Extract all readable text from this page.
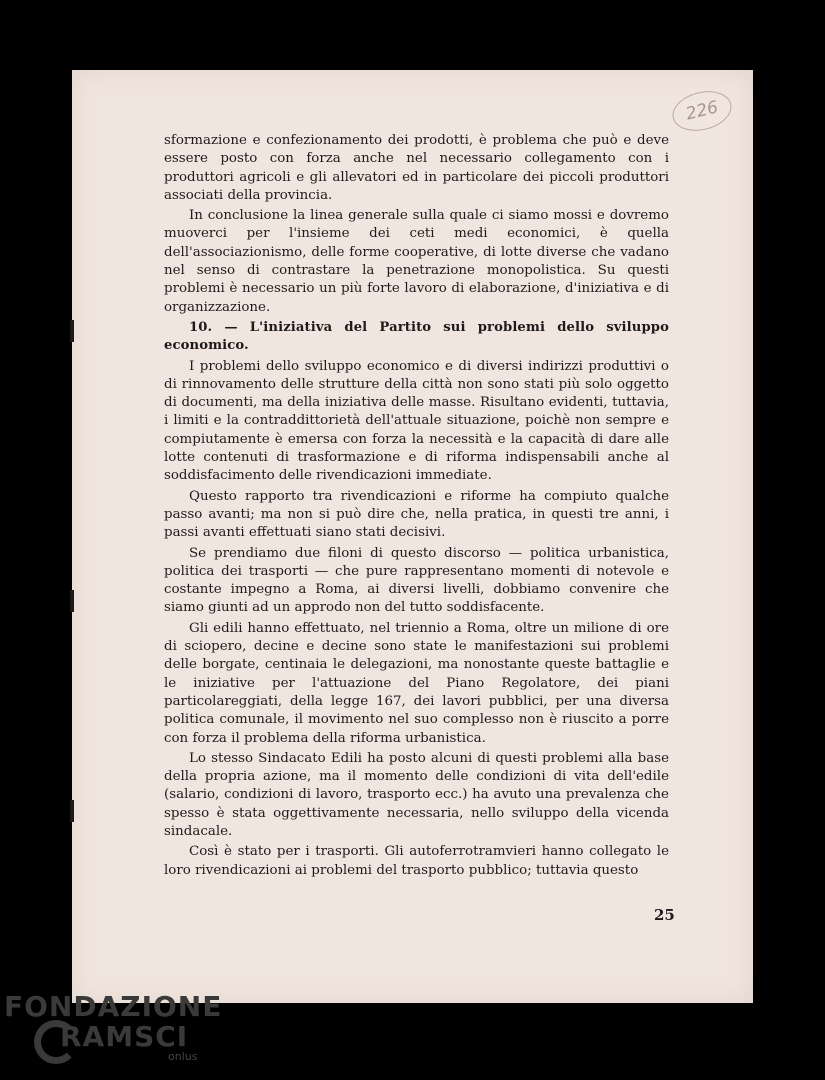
226

sformazione e confezionamento dei prodotti, è problema che può e deve essere posto con forza anche nel necessario collegamento con i produttori agricoli e gli allevatori ed in particolare dei piccoli produttori associati della provincia.

In conclusione la linea generale sulla quale ci siamo mossi e dovremo muoverci per l'insieme dei ceti medi economici, è quella dell'associazionismo, delle forme cooperative, di lotte diverse che vadano nel senso di contrastare la penetrazione monopolistica. Su questi problemi è necessario un più forte lavoro di elaborazione, d'iniziativa e di organizzazione.

10. — L'iniziativa del Partito sui problemi dello sviluppo economico.

I problemi dello sviluppo economico e di diversi indirizzi produttivi o di rinnovamento delle strutture della città non sono stati più solo oggetto di documenti, ma della iniziativa delle masse. Risultano evidenti, tuttavia, i limiti e la contraddittorietà dell'attuale situazione, poichè non sempre e compiutamente è emersa con forza la necessità e la capacità di dare alle lotte contenuti di trasformazione e di riforma indispensabili anche al soddisfacimento delle rivendicazioni immediate.

Questo rapporto tra rivendicazioni e riforme ha compiuto qualche passo avanti; ma non si può dire che, nella pratica, in questi tre anni, i passi avanti effettuati siano stati decisivi.

Se prendiamo due filoni di questo discorso — politica urbanistica, politica dei trasporti — che pure rappresentano momenti di notevole e costante impegno a Roma, ai diversi livelli, dobbiamo convenire che siamo giunti ad un approdo non del tutto soddisfacente.

Gli edili hanno effettuato, nel triennio a Roma, oltre un milione di ore di sciopero, decine e decine sono state le manifestazioni sui problemi delle borgate, centinaia le delegazioni, ma nonostante queste battaglie e le iniziative per l'attuazione del Piano Regolatore, dei piani particolareggiati, della legge 167, dei lavori pubblici, per una diversa politica comunale, il movimento nel suo complesso non è riuscito a porre con forza il problema della riforma urbanistica.

Lo stesso Sindacato Edili ha posto alcuni di questi problemi alla base della propria azione, ma il momento delle condizioni di vita dell'edile (salario, condizioni di lavoro, trasporto ecc.) ha avuto una prevalenza che spesso è stata oggettivamente necessaria, nello sviluppo della vicenda sindacale.

Così è stato per i trasporti. Gli autoferrotramvieri hanno collegato le loro rivendicazioni ai problemi del trasporto pubblico; tuttavia questo

25
FONDAZIONE
RAMSCI
onlus
